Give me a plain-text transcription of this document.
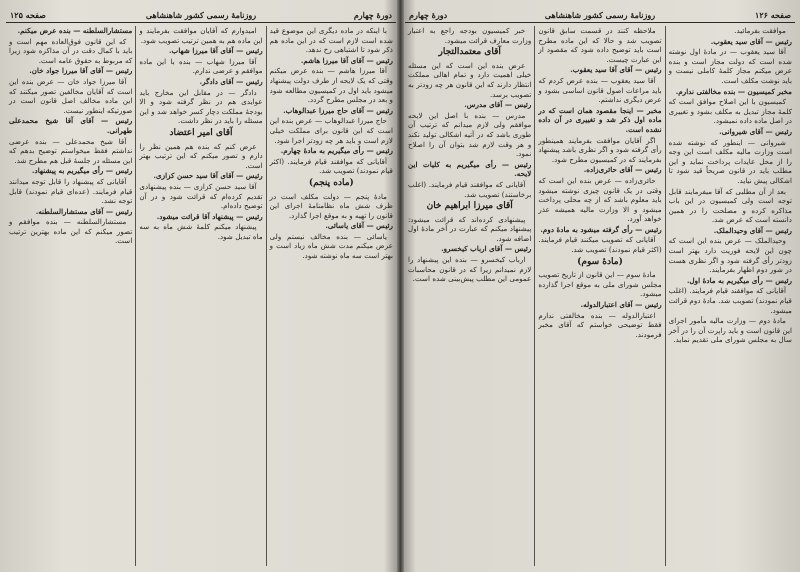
صفحه ۱۲۶
روزنامهٔ رسمی کشور شاهنشاهی
دورهٔ چهارم

موافقت بفرمائید.

رئیس — آقای سید یعقوب.

آقا سید یعقوب — در مادهٔ اول نوشته شده است که دولت مجاز است و بنده عرض میکنم مجاز کلمهٔ کاملی نیست و باید نوشت مکلف است.

مخبر کمیسیون — بنده مخالفتی ندارم.

کمیسیون با این اصلاح موافق است که کلمهٔ مجاز تبدیل به مکلف بشود و تغییری در اصل ماده داده نمیشود.

رئیس — آقای شیروانی.

شیروانی — اینطور که نوشته شده است وزارت مالیه مکلف است این وجه را از محل عایدات پرداخت نماید و این مطلب باید در قانون صریحاً قید شود تا اشکالی پیش نیاید.

بعد از آن مطلبی که آقا میفرمایند قابل توجه است ولی کمیسیون در این باب مذاکره کرده و مصلحت را در همین دانسته است که عرض شد.

رئیس — آقای وحیدالملک.

وحیدالملک — عرض بنده این است که چون این لایحه فوریت دارد بهتر است زودتر رأی گرفته شود و اگر نظری هست در شور دوم اظهار بفرمایند.

رئیس — رأی میگیریم به مادهٔ اول.

آقایانی که موافقند قیام فرمایند. (اغلب قیام نمودند) تصویب شد. مادهٔ دوم قرائت میشود.

مادهٔ دوم — وزارت مالیه مأمور اجرای این قانون است و باید راپرت آن را در آخر سال به مجلس شورای ملی تقدیم نماید.

ملاحظه کنند در قسمت سابق قانون تصویب شد و حالا که این ماده مطرح است باید توضیح داده شود که مقصود از این عبارت چیست.

رئیس — آقای آقا سید یعقوب.

آقا سید یعقوب — بنده عرض کردم که باید مراعات اصول قانون اساسی بشود و عرض دیگری نداشتم.

مخبر — اینجا مقصود همان است که در ماده اول ذکر شد و تغییری در آن داده نشده است.

اگر آقایان موافقت بفرمایند همینطور رأی گرفته شود و اگر نظری باشد پیشنهاد بفرمایند که در کمیسیون مطرح شود.

رئیس — آقای حائری‌زاده.

حائری‌زاده — عرض بنده این است که وقتی در یک قانون چیزی نوشته میشود باید معلوم باشد که از چه محلی پرداخت میشود و الا وزارت مالیه همیشه عذر خواهد آورد.

رئیس — رأی گرفته میشود به مادهٔ دوم.

آقایانی که تصویب میکنند قیام فرمایند. (اکثر قیام نمودند) تصویب شد.

(مادهٔ سوم)

مادهٔ سوم — این قانون از تاریخ تصویب مجلس شورای ملی به موقع اجرا گذارده میشود.

رئیس — آقای اعتبارالدوله.

اعتبارالدوله — بنده مخالفتی ندارم فقط توضیحی خواستم که آقای مخبر فرمودند.

خبر کمیسیون بودجه راجع به اعتبار وزارت معارف قرائت میشود.

آقای معتمدالتجار

عرض بنده این است که این مسئله خیلی اهمیت دارد و تمام اهالی مملکت انتظار دارند که این قانون هر چه زودتر به تصویب برسد.

رئیس — آقای مدرس.

مدرس — بنده با اصل این لایحه موافقم ولی لازم میدانم که ترتیب آن طوری باشد که در آتیه اشکالی تولید نکند و هر وقت لازم شد بتوان آن را اصلاح نمود.

رئیس — رأی میگیریم به کلیات این لایحه.

آقایانی که موافقند قیام فرمایند. (اغلب برخاستند) تصویب شد.

آقای میرزا ابراهیم خان

پیشنهادی کرده‌اند که قرائت میشود: پیشنهاد میکنم که عبارت در آخر مادهٔ اول اضافه شود.

رئیس — آقای ارباب کیخسرو.

ارباب کیخسرو — بنده این پیشنهاد را لازم نمیدانم زیرا که در قانون محاسبات عمومی این مطلب پیش‌بینی شده است.

دورهٔ چهارم
روزنامهٔ رسمی کشور شاهنشاهی
صفحه ۱۲۵

با اینکه در ماده دیگری این موضوع قید شده است لازم است که در این ماده هم ذکر شود تا اشتباهی رخ ندهد.

رئیس — آقای آقا میرزا هاشم.

آقا میرزا هاشم — بنده عرض میکنم وقتی که یک لایحه از طرف دولت پیشنهاد میشود باید اول در کمیسیون مطالعه شود و بعد در مجلس مطرح گردد.

رئیس — آقای حاج میرزا عبدالوهاب.

حاج میرزا عبدالوهاب — عرض بنده این است که این قانون برای مملکت خیلی لازم است و باید هر چه زودتر اجرا شود.

رئیس — رأی میگیریم به مادهٔ چهارم.

آقایانی که موافقند قیام فرمایند. (اکثر قیام نمودند) تصویب شد.

(ماده پنجم)

مادهٔ پنجم — دولت مکلف است در ظرف شش ماه نظامنامهٔ اجرای این قانون را تهیه و به موقع اجرا گذارد.

رئیس — آقای یاسائی.

یاسائی — بنده مخالف نیستم ولی عرض میکنم مدت شش ماه زیاد است و بهتر است سه ماه نوشته شود.

امیدوارم که آقایان موافقت بفرمایند و این ماده هم به همین ترتیب تصویب شود.

رئیس — آقای آقا میرزا شهاب.

آقا میرزا شهاب — بنده با این ماده موافقم و عرضی ندارم.

رئیس — آقای دادگر.

دادگر — در مقابل این مخارج باید عوایدی هم در نظر گرفته شود و الا بودجهٔ مملکت دچار کسر خواهد شد و این مسئله را باید در نظر داشت.

آقای امیر اعتضاد

عرض کنم که بنده هم همین نظر را دارم و تصور میکنم که این ترتیب بهتر است.

رئیس — آقای آقا سید حسن کزازی.

آقا سید حسن کزازی — بنده پیشنهادی تقدیم کرده‌ام که قرائت شود و در آن توضیح داده‌ام.

رئیس — پیشنهاد آقا قرائت میشود.

پیشنهاد میکنم کلمهٔ شش ماه به سه ماه تبدیل شود.

مستشارالسلطنه — بنده عرض میکنم.

که این قانون فوق‌العاده مهم است و باید با کمال دقت در آن مذاکره شود زیرا که مربوط به حقوق عامه است.

رئیس — آقای آقا میرزا جواد خان.

آقا میرزا جواد خان — عرض بنده این است که آقایان مخالفین تصور میکنند که این ماده مخالف اصل قانون است در صورتیکه اینطور نیست.

رئیس — آقای آقا شیخ محمدعلی طهرانی.

آقا شیخ محمدعلی — بنده عرضی نداشتم فقط میخواستم توضیح بدهم که این مسئله در جلسهٔ قبل هم مطرح شد.

رئیس — رأی میگیریم به پیشنهاد.

آقایانی که پیشنهاد را قابل توجه میدانند قیام فرمایند. (عده‌ای قیام نمودند) قابل توجه نشد.

رئیس — آقای مستشارالسلطنه.

مستشارالسلطنه — بنده موافقم و تصور میکنم که این ماده بهترین ترتیب است.
